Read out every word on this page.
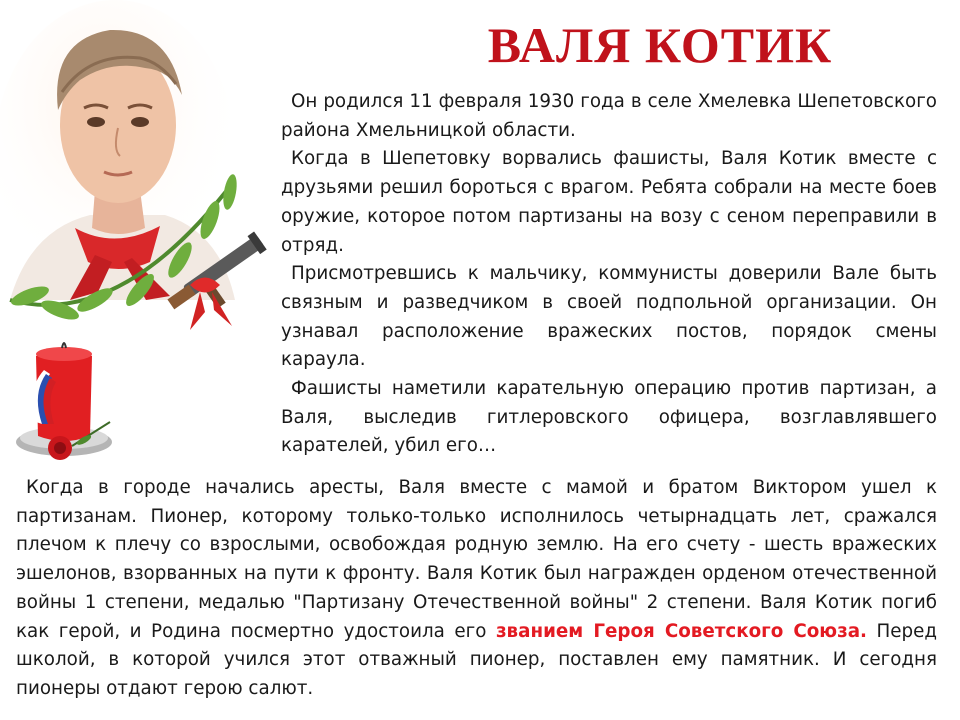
ВАЛЯ КОТИК

Он родился 11 февраля 1930 года в селе Хмелевка Шепетовского района Хмельницкой области.

Когда в Шепетовку ворвались фашисты, Валя Котик вместе с друзьями решил бороться с врагом. Ребята собрали на месте боев оружие, которое потом партизаны на возу с сеном переправили в отряд.

Присмотревшись к мальчику, коммунисты доверили Вале быть связным и разведчиком в своей подпольной организации. Он узнавал расположение вражеских постов, порядок смены караула.

Фашисты наметили карательную операцию против партизан, а Валя, выследив гитлеровского офицера, возглавлявшего карателей, убил его…

Когда в городе начались аресты, Валя вместе с мамой и братом Виктором ушел к партизанам. Пионер, которому только-только исполнилось четырнадцать лет, сражался плечом к плечу со взрослыми, освобождая родную землю. На его счету - шесть вражеских эшелонов, взорванных на пути к фронту. Валя Котик был награжден орденом отечественной войны 1 степени, медалью "Партизану Отечественной войны" 2 степени. Валя Котик погиб как герой, и Родина посмертно удостоила его званием Героя Советского Союза. Перед школой, в которой учился этот отважный пионер, поставлен ему памятник. И сегодня пионеры отдают герою салют.
